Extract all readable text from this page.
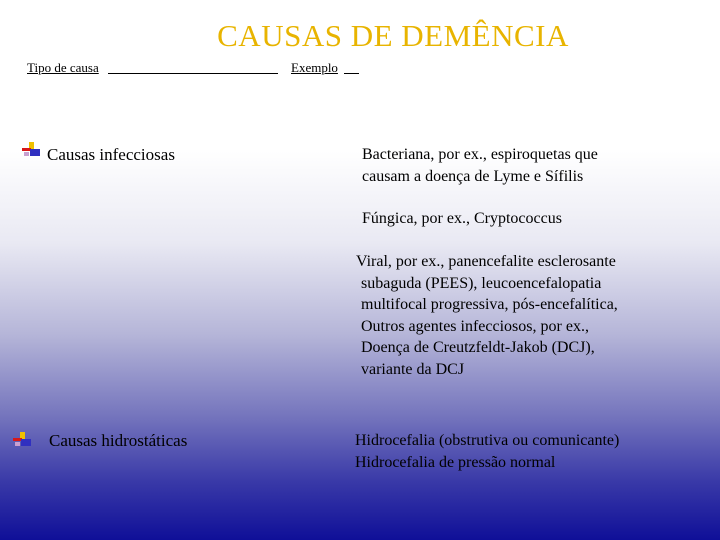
CAUSAS DE DEMÊNCIA
Tipo de causa	Exemplo
Causas infecciosas	Bacteriana, por ex., espiroquetas que
causam a doença de Lyme e Sífilis
Fúngica, por ex., Cryptococcus
Viral, por ex., panencefalite esclerosante
subaguda (PEES), leucoencefalopatia
multifocal progressiva, pós-encefalítica,
Outros agentes infecciosos, por ex.,
Doença de Creutzfeldt-Jakob (DCJ),
variante da DCJ
Causas hidrostáticas	Hidrocefalia (obstrutiva ou comunicante)
Hidrocefalia de pressão normal
